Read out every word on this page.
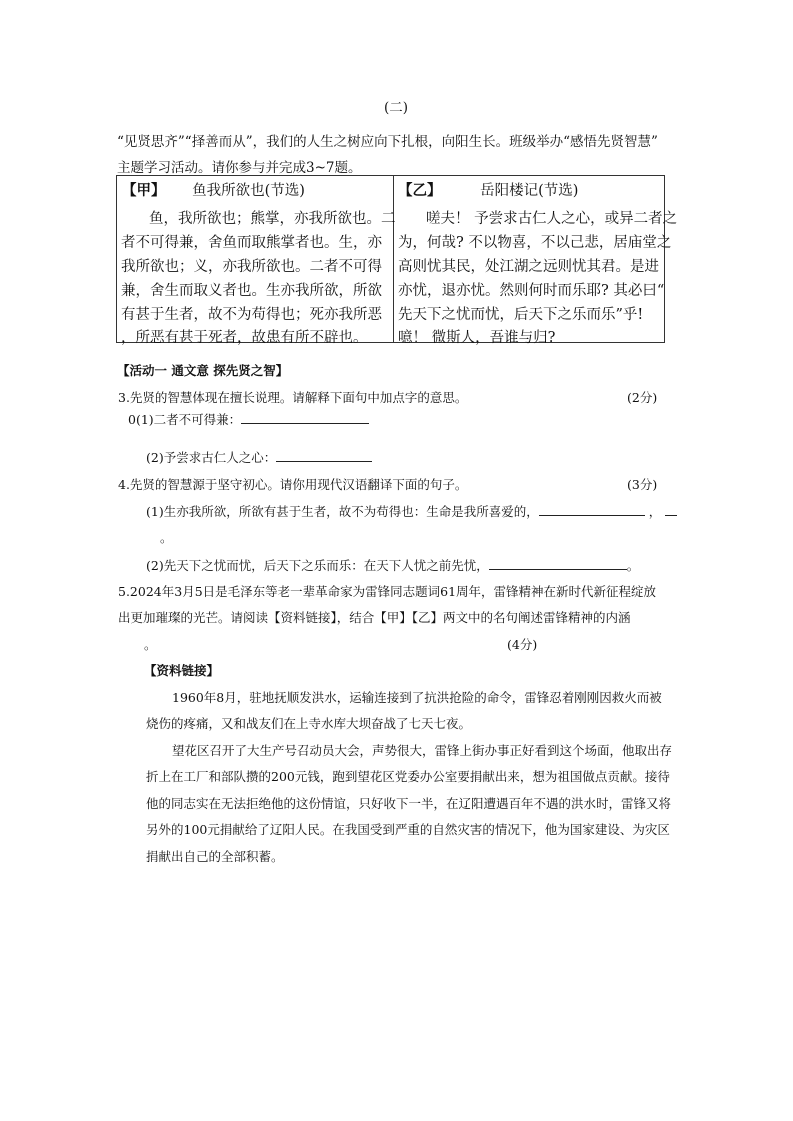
(二)
“见贤思齐”“择善而从”，我们的人生之树应向下扎根，向阳生长。班级举办“感悟先贤智慧”
主题学习活动。请你参与并完成3~7题。
【甲】 鱼我所欲也(节选)
鱼，我所欲也；熊掌，亦我所欲也。二
者不可得兼，舍鱼而取熊掌者也。生，亦
我所欲也；义，亦我所欲也。二者不可得
兼，舍生而取义者也。生亦我所欲，所欲
有甚于生者，故不为苟得也；死亦我所恶
，所恶有甚于死者，故患有所不辟也。

【乙】	岳阳楼记(节选)
嗟夫！ 予尝求古仁人之心，或异二者之
为，何哉? 不以物喜，不以己悲，居庙堂之
高则忧其民，处江湖之远则忧其君。是进
亦忧，退亦忧。然则何时而乐耶? 其必曰“
先天下之忧而忧，后天下之乐而乐”乎!
噫！ 微斯人，吾谁与归?
【活动一 通文意 探先贤之智】
3.先贤的智慧体现在擅长说理。请解释下面句中加点字的意思。	(2分)
0(1)二者不可得兼：
(2)予尝求古仁人之心：
4.先贤的智慧源于坚守初心。请你用现代汉语翻译下面的句子。	(3分)
(1)生亦我所欲，所欲有甚于生者，故不为苟得也：生命是我所喜爱的，	，
。
(2)先天下之忧而忧，后天下之乐而乐：在天下人忧之前先忧，	。
5.2024年3月5日是毛泽东等老一辈革命家为雷锋同志题词61周年，雷锋精神在新时代新征程绽放
出更加璀璨的光芒。请阅读【资料链接】，结合【甲】【乙】两文中的名句阐述雷锋精神的内涵
。	(4分)
【资料链接】
1960年8月，驻地抚顺发洪水，运输连接到了抗洪抢险的命令，雷锋忍着刚刚因救火而被
烧伤的疼痛，又和战友们在上寺水库大坝奋战了七天七夜。
望花区召开了大生产号召动员大会，声势很大，雷锋上街办事正好看到这个场面，他取出存
折上在工厂和部队攒的200元钱，跑到望花区党委办公室要捐献出来，想为祖国做点贡献。接待
他的同志实在无法拒绝他的这份情谊，只好收下一半，在辽阳遭遇百年不遇的洪水时，雷锋又将
另外的100元捐献给了辽阳人民。在我国受到严重的自然灾害的情况下，他为国家建设、为灾区
捐献出自己的全部积蓄。
